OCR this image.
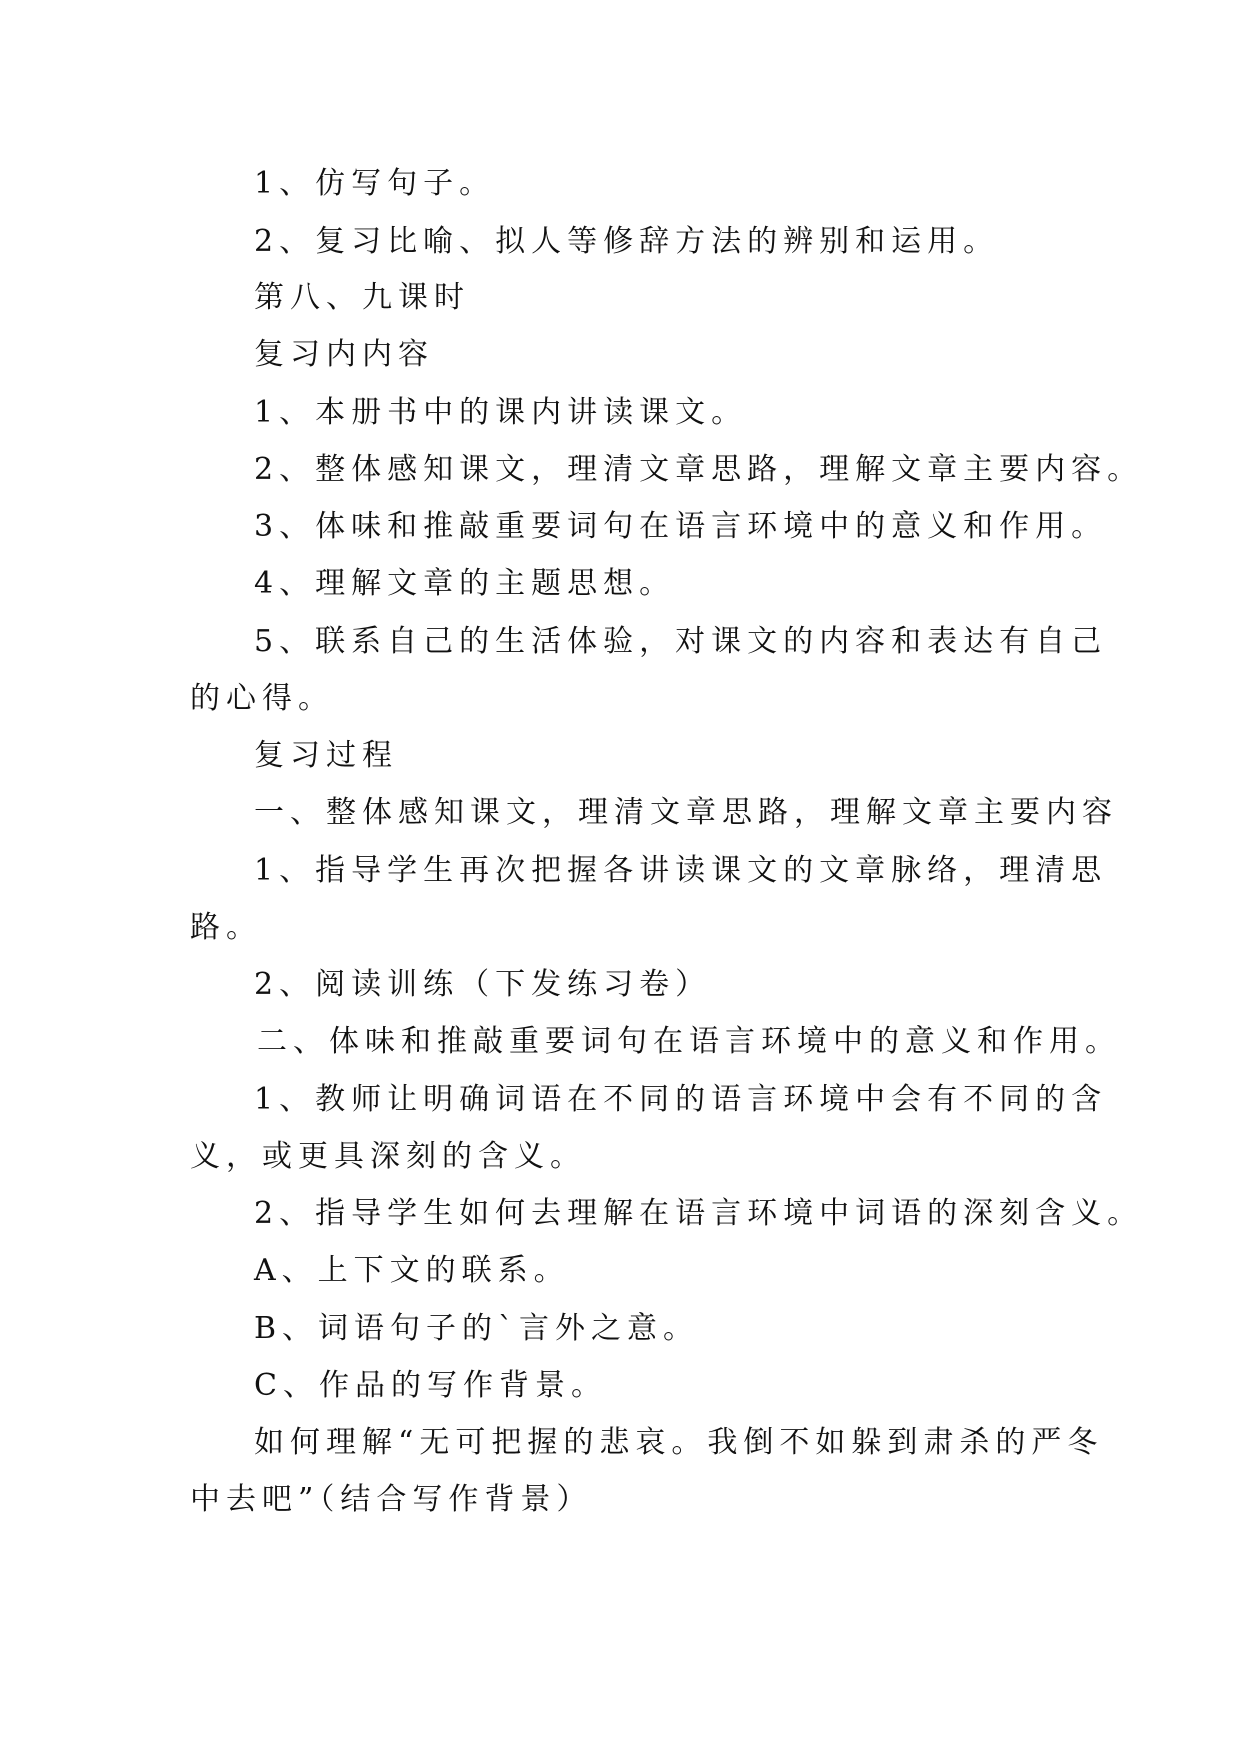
1、仿写句子。
2、复习比喻、拟人等修辞方法的辨别和运用。
第八、九课时
复习内内容
1、本册书中的课内讲读课文。
2、整体感知课文，理清文章思路，理解文章主要内容。
3、体味和推敲重要词句在语言环境中的意义和作用。
4、理解文章的主题思想。
5、联系自己的生活体验，对课文的内容和表达有自己
的心得。
复习过程
一、整体感知课文，理清文章思路，理解文章主要内容
1、指导学生再次把握各讲读课文的文章脉络，理清思
路。
2、阅读训练（下发练习卷）
二、体味和推敲重要词句在语言环境中的意义和作用。
1、教师让明确词语在不同的语言环境中会有不同的含
义，或更具深刻的含义。
2、指导学生如何去理解在语言环境中词语的深刻含义。
A、上下文的联系。
B、词语句子的`言外之意。
C、作品的写作背景。
如何理解“无可把握的悲哀。我倒不如躲到肃杀的严冬
中去吧”（结合写作背景）
